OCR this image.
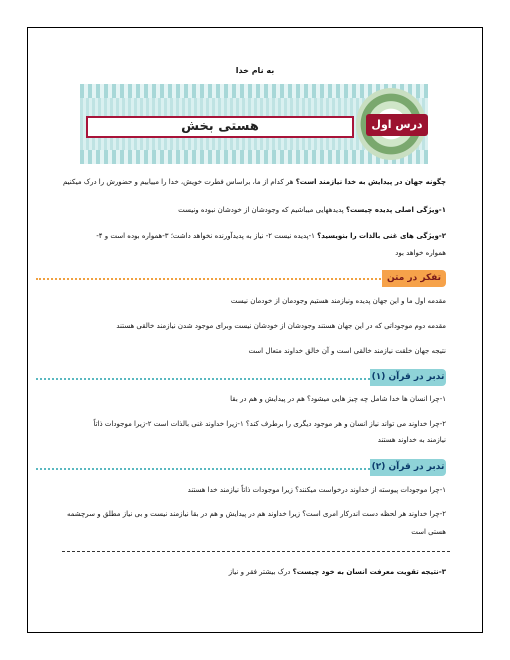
به نام خدا
هستی بخش	درس اول
چگونه جهان در پیدایش به خدا نیازمند است؟ هر کدام از ما، براساس فطرت خویش، خدا را مییابیم و حضورش را درک میکنیم
۱-ویژگی اصلی پدیده چیست؟ پدیدههایی میباشیم که وجودشان از خودشان نبوده ونیست
۲-ویژگی های غنی بالذات را بنویسید؟ ۱-پدیده نیست ۲- نیاز به پدیدآورنده نخواهد داشت؛ ۳-همواره بوده است و ۴-
همواره خواهد بود
تفکر در متن
مقدمه اول ما و این جهان پدیده ونیازمند هستیم وجودمان از خودمان نیست
مقدمه دوم موجوداتی که در این جهان هستند وجودشان از خودشان نیست وبرای موجود شدن نیازمند خالقی هستند
نتیجه جهان خلقت نیازمند خالقی است و آن خالق خداوند متعال است
تدبر در قرآن (۱)
۱-چرا انسان ها خدا شامل چه چیز هایی میشود؟ هم در پیدایش و هم در بقا
۲-چرا خداوند می تواند نیاز انسان و هر موجود دیگری را برطرف کند؟ ۱-زیرا خداوند غنی بالذات است ۲-زیرا موجودات ذاتاً
نیازمند به خداوند هستند
تدبر در قرآن (۲)
۱-چرا موجودات پیوسته از خداوند درخواست میکنند؟ زیرا موجودات ذاتاً نیازمند خدا هستند
۲-چرا خداوند هر لحظه دست اندرکار امری است؟ زیرا خداوند هم در پیدایش و هم در بقا نیازمند نیست و بی نیاز مطلق و سرچشمه
هستی است
۳-نتیجه تقویت معرفت انسان به خود چیست؟ درک بیشتر فقر و نیاز
